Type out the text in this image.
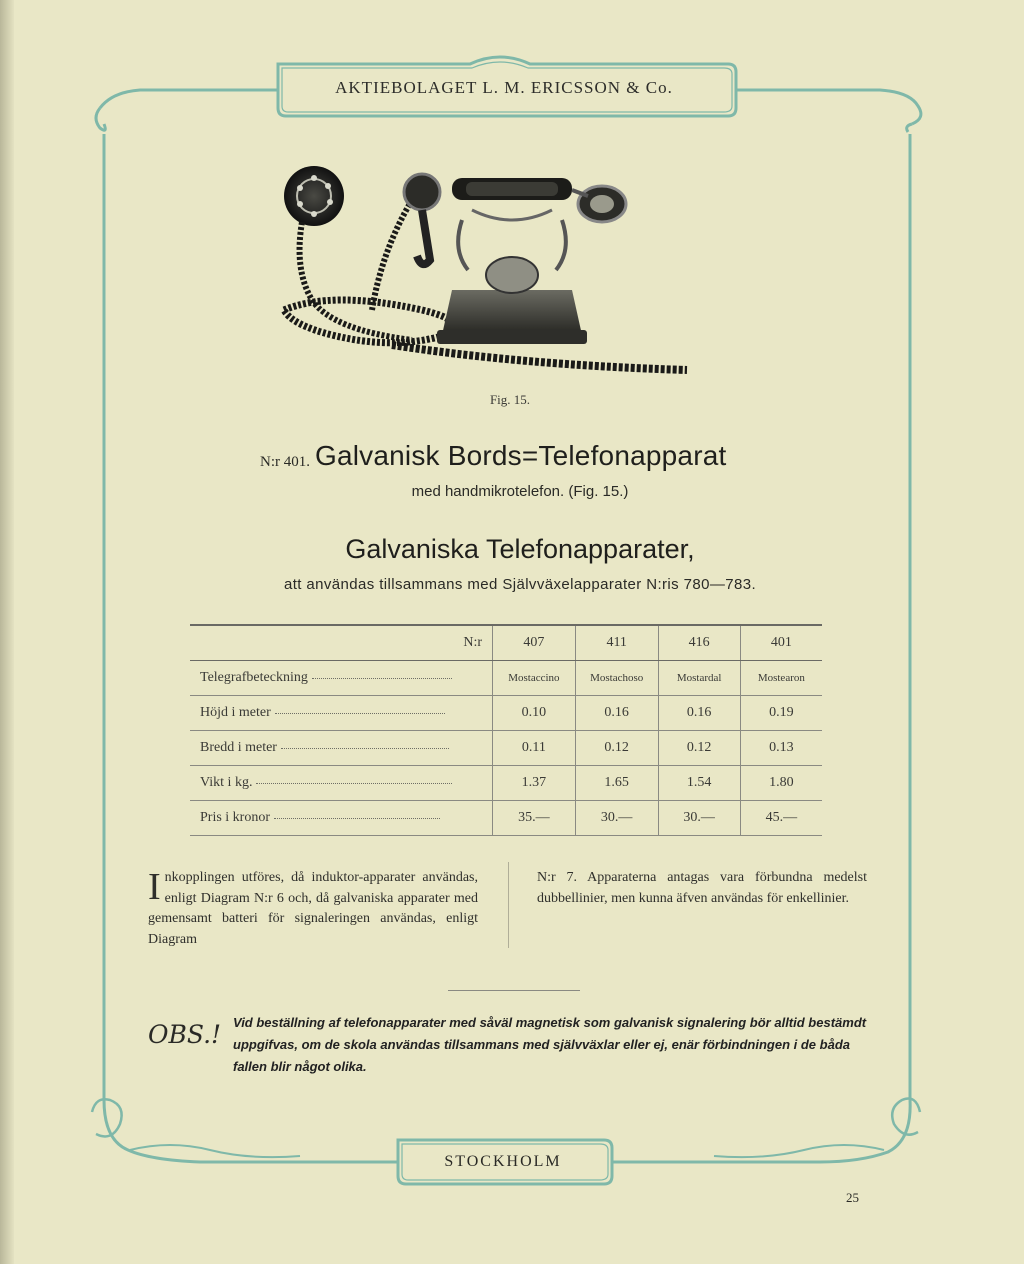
AKTIEBOLAGET L. M. ERICSSON & Co.
Fig. 15.
N:r 401. Galvanisk Bords=Telefonapparat
med handmikrotelefon. (Fig. 15.)
Galvaniska Telefonapparater,
att användas tillsammans med Självväxelapparater N:ris 780—783.
N:r	407	411	416	401
Telegrafbeteckning	Mostaccino	Mostachoso	Mostardal	Mostearon
Höjd i meter	0.10	0.16	0.16	0.19
Bredd i meter	0.11	0.12	0.12	0.13
Vikt i kg.	1.37	1.65	1.54	1.80
Pris i kronor	35.—	30.—	30.—	45.—
Inkopplingen utföres, då induktor-apparater användas, enligt Diagram N:r 6 och, då galvaniska apparater med gemensamt batteri för signaleringen användas, enligt Diagram
N:r 7. Apparaterna antagas vara förbundna medelst dubbellinier, men kunna äfven användas för enkellinier.
OBS.! Vid beställning af telefonapparater med såväl magnetisk som galvanisk signalering bör alltid bestämdt uppgifvas, om de skola användas tillsammans med självväxlar eller ej, enär förbindningen i de båda fallen blir något olika.
STOCKHOLM
25
